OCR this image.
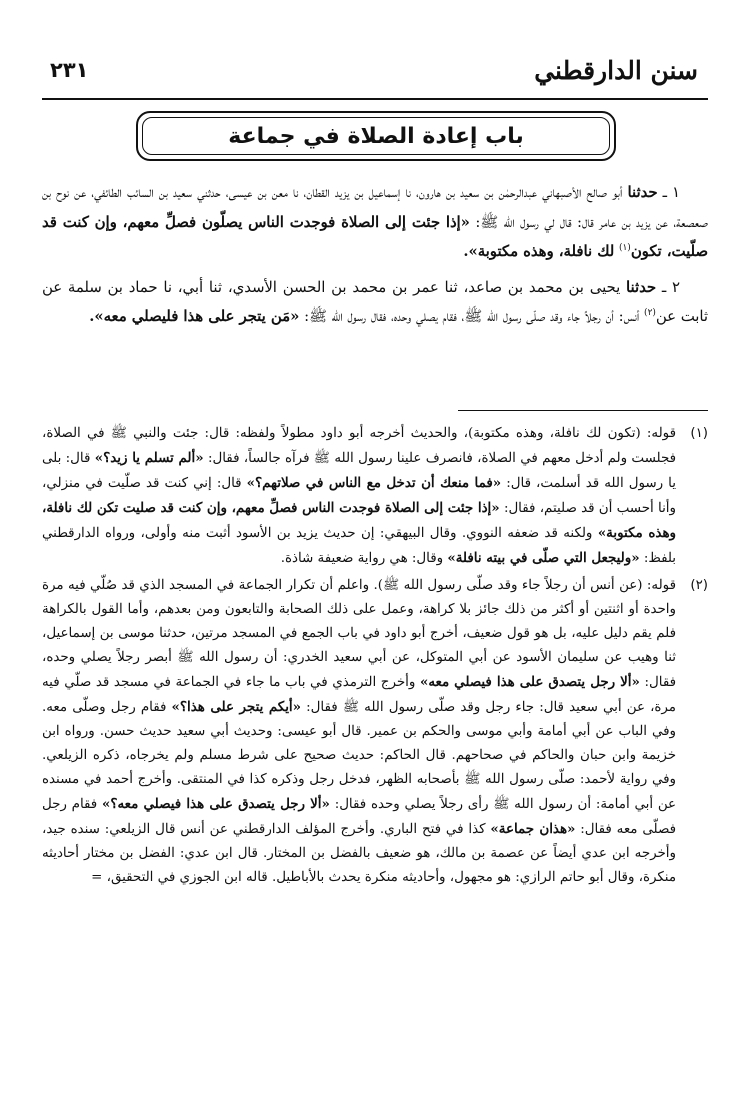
سنن الدارقطني
٢٣١
باب إعادة الصلاة في جماعة

١ ـ حدثنا أبو صالح الأصبهاني عبدالرحمٰن بن سعيد بن هارون، نا إسماعيل بن يزيد القطان، نا معن بن عيسى، حدثني سعيد بن السائب الطائفي، عن نوح بن صعصعة، عن يزيد بن عامر قال: قال لي رسول الله ﷺ: «إذا جئت إلى الصلاة فوجدت الناس يصلّون فصلِّ معهم، وإن كنت قد صلّيت، تكون$^{(١)}$ لك نافلة، وهذه مكتوبة».

٢ ـ حدثنا يحيى بن محمد بن صاعد، ثنا عمر بن محمد بن الحسن الأسدي، ثنا أبي، نا حماد بن سلمة عن ثابت عن$^{(٢)}$ أنس: أن رجلاً جاء وقد صلّى رسول الله ﷺ، فقام يصلي وحده، فقال رسول الله ﷺ: «مَن يتجر على هذا فليصلي معه».

(١)
قوله: (تكون لك نافلة، وهذه مكتوبة)، والحديث أخرجه أبو داود مطولاً ولفظه: قال: جئت والنبي ﷺ في الصلاة، فجلست ولم أدخل معهم في الصلاة، فانصرف علينا رسول الله ﷺ فرآه جالساً، فقال: «ألم تسلم يا زيد؟» قال: بلى يا رسول الله قد أسلمت، قال: «فما منعك أن تدخل مع الناس في صلاتهم؟» قال: إني كنت قد صلّيت في منزلي، وأنا أحسب أن قد صليتم، فقال: «إذا جئت إلى الصلاة فوجدت الناس فصلِّ معهم، وإن كنت قد صليت تكن لك نافلة، وهذه مكتوبة» ولكنه قد ضعفه النووي. وقال البيهقي: إن حديث يزيد بن الأسود أثبت منه وأولى، ورواه الدارقطني بلفظ: «وليجعل التي صلّى في بيته نافلة» وقال: هي رواية ضعيفة شاذة.
(٢)
قوله: (عن أنس أن رجلاً جاء وقد صلّى رسول الله ﷺ). واعلم أن تكرار الجماعة في المسجد الذي قد صُلّي فيه مرة واحدة أو اثنتين أو أكثر من ذلك جائز بلا كراهة، وعمل على ذلك الصحابة والتابعون ومن بعدهم، وأما القول بالكراهة فلم يقم دليل عليه، بل هو قول ضعيف، أخرج أبو داود في باب الجمع في المسجد مرتين، حدثنا موسى بن إسماعيل، ثنا وهيب عن سليمان الأسود عن أبي المتوكل، عن أبي سعيد الخدري: أن رسول الله ﷺ أبصر رجلاً يصلي وحده، فقال: «ألا رجل يتصدق على هذا فيصلي معه» وأخرج الترمذي في باب ما جاء في الجماعة في مسجد قد صلّي فيه مرة، عن أبي سعيد قال: جاء رجل وقد صلّى رسول الله ﷺ فقال: «أيكم يتجر على هذا؟» فقام رجل وصلّى معه. وفي الباب عن أبي أمامة وأبي موسى والحكم بن عمير. قال أبو عيسى: وحديث أبي سعيد حديث حسن. ورواه ابن خزيمة وابن حبان والحاكم في صحاحهم. قال الحاكم: حديث صحيح على شرط مسلم ولم يخرجاه، ذكره الزيلعي. وفي رواية لأحمد: صلّى رسول الله ﷺ بأصحابه الظهر، فدخل رجل وذكره كذا في المنتقى. وأخرج أحمد في مسنده عن أبي أمامة: أن رسول الله ﷺ رأى رجلاً يصلي وحده فقال: «ألا رجل يتصدق على هذا فيصلي معه؟» فقام رجل فصلّى معه فقال: «هذان جماعة» كذا في فتح الباري. وأخرج المؤلف الدارقطني عن أنس قال الزيلعي: سنده جيد، وأخرجه ابن عدي أيضاً عن عصمة بن مالك، هو ضعيف بالفضل بن المختار. قال ابن عدي: الفضل بن مختار أحاديثه منكرة، وقال أبو حاتم الرازي: هو مجهول، وأحاديثه منكرة يحدث بالأباطيل. قاله ابن الجوزي في التحقيق، =
